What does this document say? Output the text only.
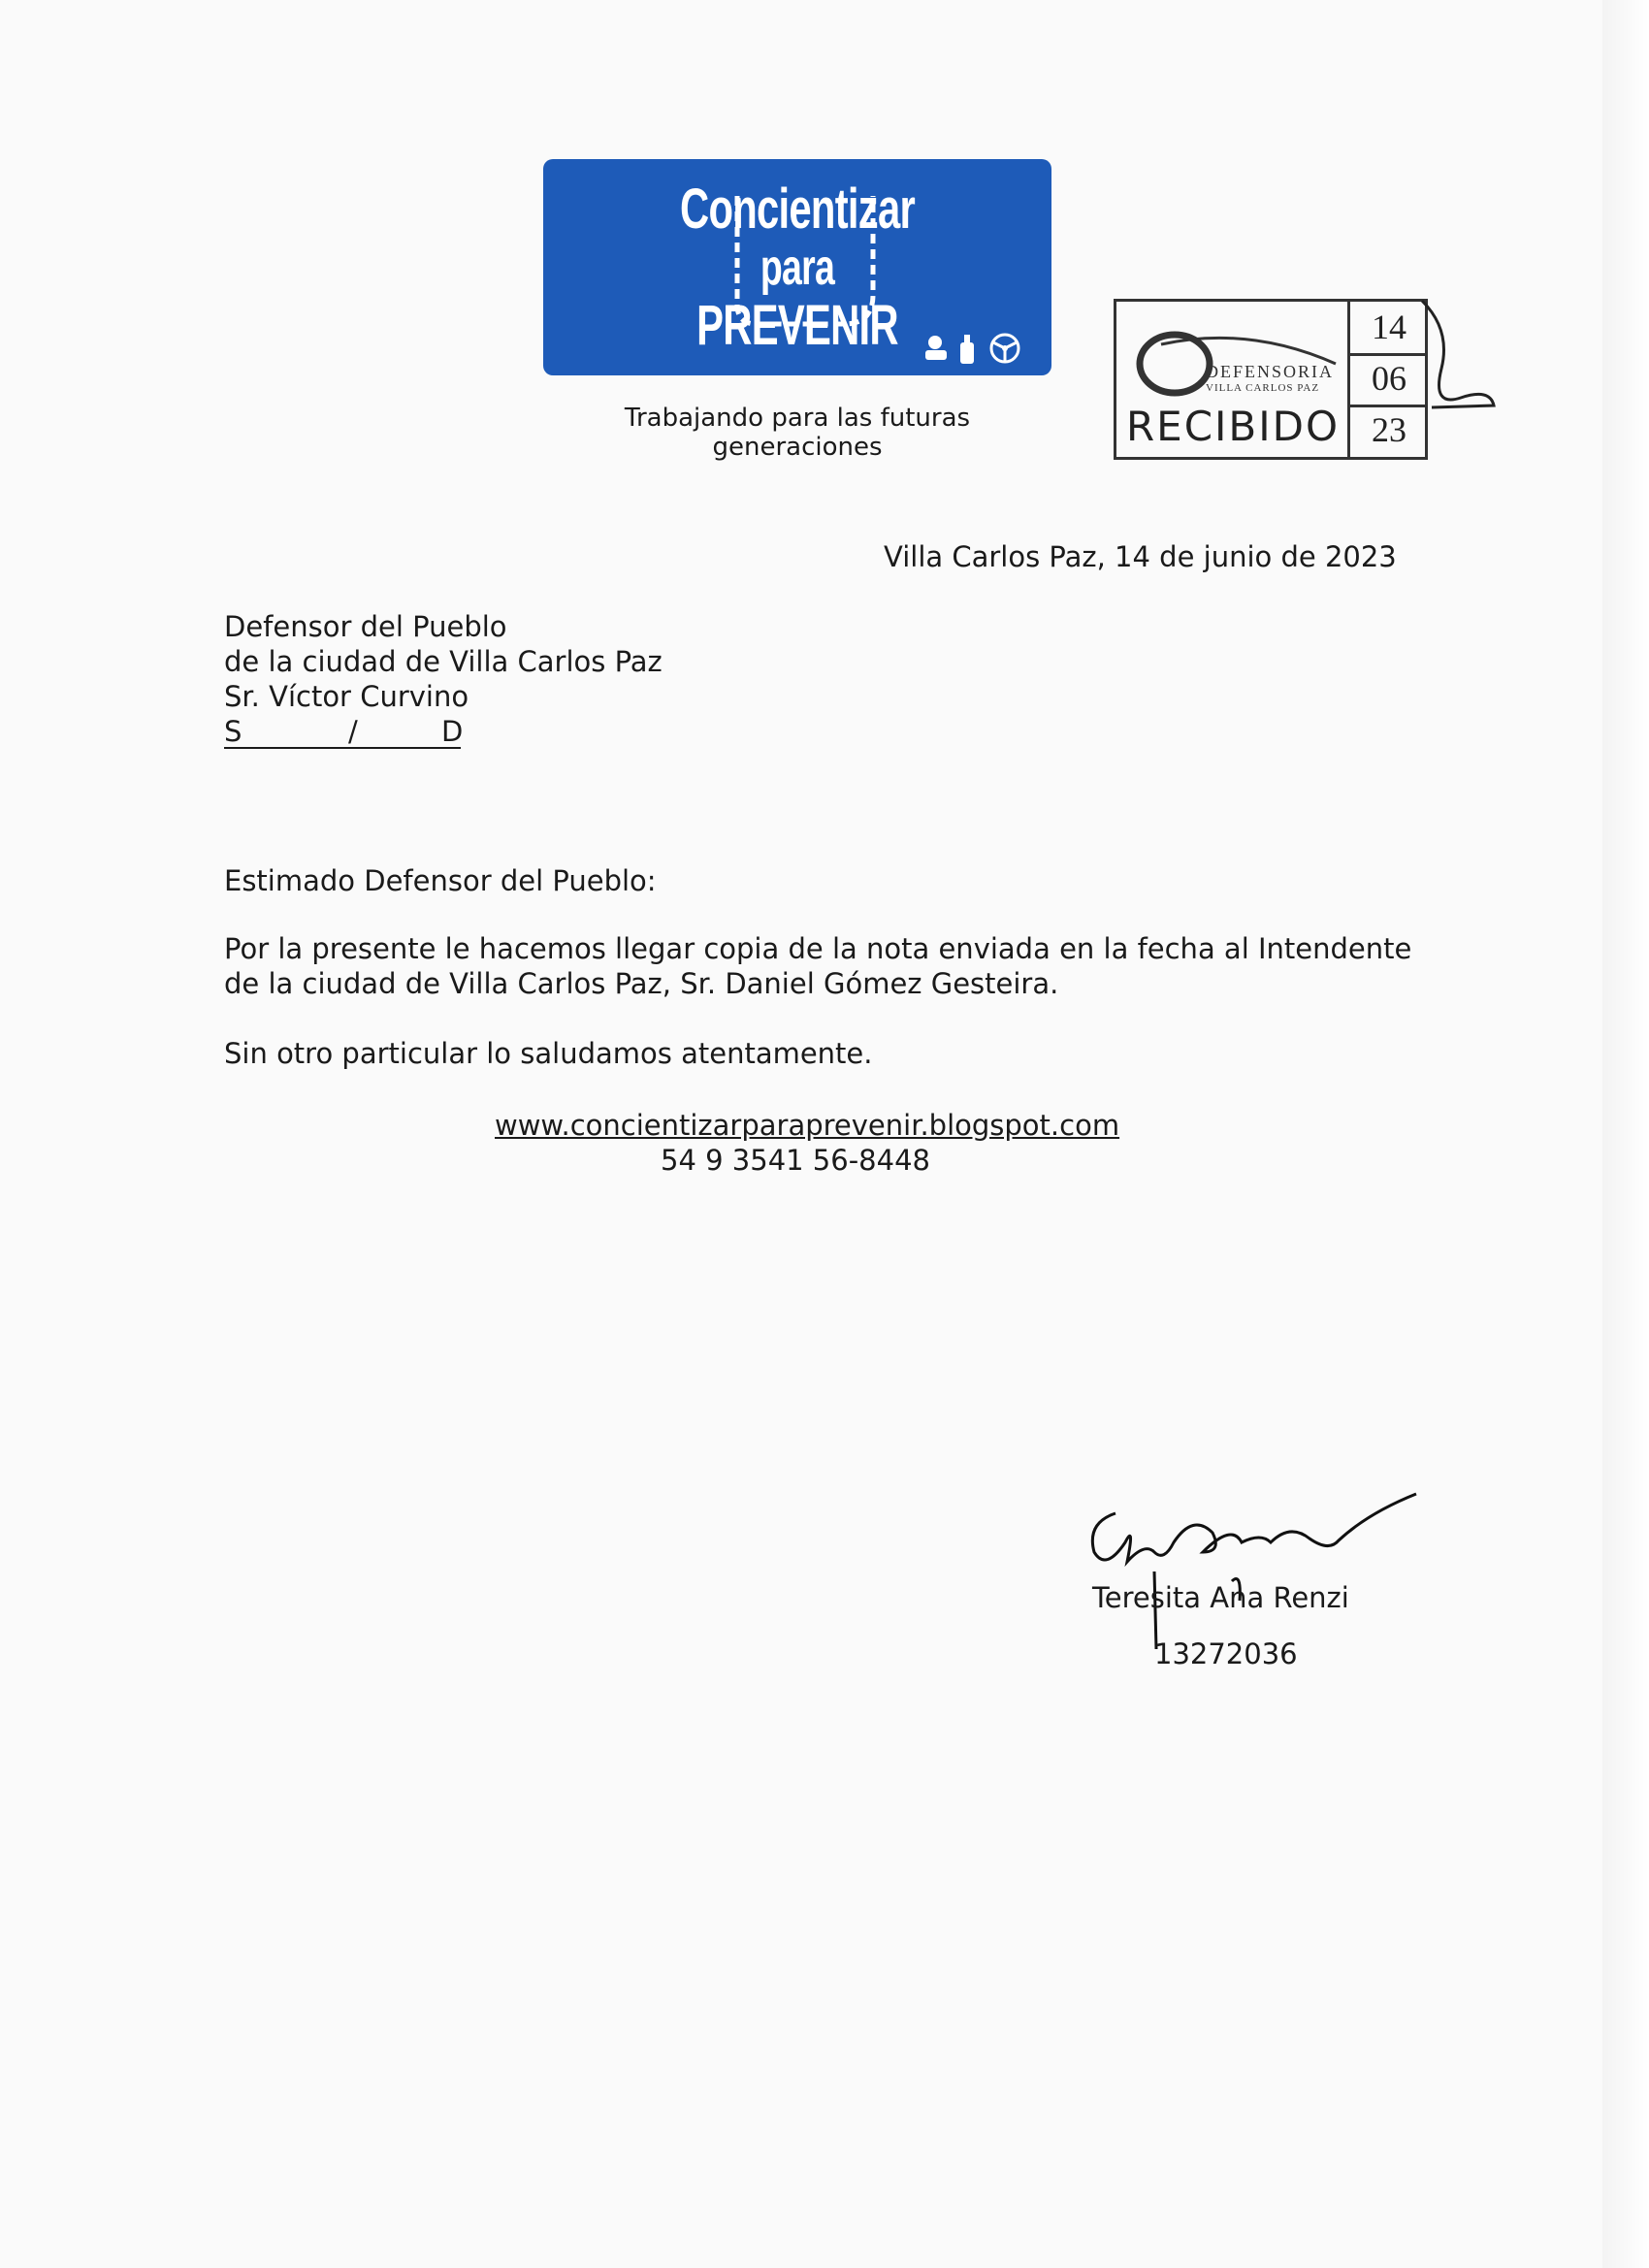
Concientizar
para
PREVENIR
Trabajando para las futuras generaciones
DEFENSORIA
VILLA CARLOS PAZ
RECIBIDO
14
06
23
Villa Carlos Paz, 14 de junio de 2023
Defensor del Pueblo
de la ciudad de Villa Carlos Paz
Sr. Víctor Curvino
S	/	D
Estimado Defensor del Pueblo:
Por la presente le hacemos llegar copia de la nota enviada en la fecha al Intendente
de la ciudad de Villa Carlos Paz, Sr. Daniel Gómez Gesteira.
Sin otro particular lo saludamos atentamente.
www.concientizarparaprevenir.blogspot.com
54 9 3541 56-8448
Teresita Ana Renzi
13272036
